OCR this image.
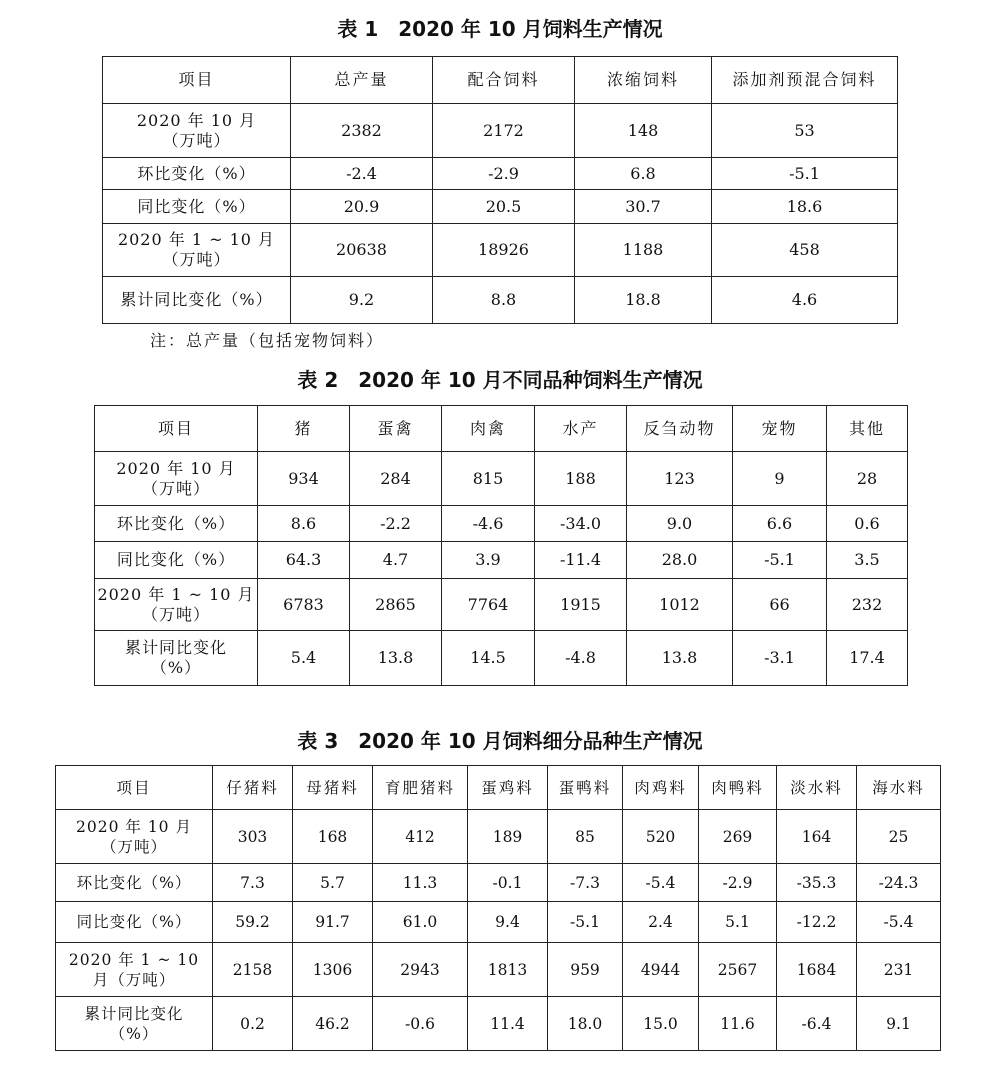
表 1　2020 年 10 月饲料生产情况
项目	总产量	配合饲料	浓缩饲料	添加剂预混合饲料

2020 年 10 月
（万吨）	2382	2172	148	53

环比变化（%）	-2.4	-2.9	6.8	-5.1

同比变化（%）	20.9	20.5	30.7	18.6

2020 年 1 ~ 10 月
（万吨）	20638	18926	1188	458

累计同比变化（%）	9.2	8.8	18.8	4.6
注：总产量（包括宠物饲料）
表 2　2020 年 10 月不同品种饲料生产情况
项目	猪	蛋禽	肉禽	水产	反刍动物	宠物	其他

2020 年 10 月
（万吨）	934	284	815	188	123	9	28

环比变化（%）	8.6	-2.2	-4.6	-34.0	9.0	6.6	0.6

同比变化（%）	64.3	4.7	3.9	-11.4	28.0	-5.1	3.5

2020 年 1 ~ 10 月
（万吨）	6783	2865	7764	1915	1012	66	232

累计同比变化
（%）	5.4	13.8	14.5	-4.8	13.8	-3.1	17.4
表 3　2020 年 10 月饲料细分品种生产情况
项目	仔猪料	母猪料	育肥猪料	蛋鸡料	蛋鸭料	肉鸡料	肉鸭料	淡水料	海水料

2020 年 10 月
（万吨）	303	168	412	189	85	520	269	164	25

环比变化（%）	7.3	5.7	11.3	-0.1	-7.3	-5.4	-2.9	-35.3	-24.3

同比变化（%）	59.2	91.7	61.0	9.4	-5.1	2.4	5.1	-12.2	-5.4

2020 年 1 ~ 10
月（万吨）	2158	1306	2943	1813	959	4944	2567	1684	231

累计同比变化
（%）	0.2	46.2	-0.6	11.4	18.0	15.0	11.6	-6.4	9.1
